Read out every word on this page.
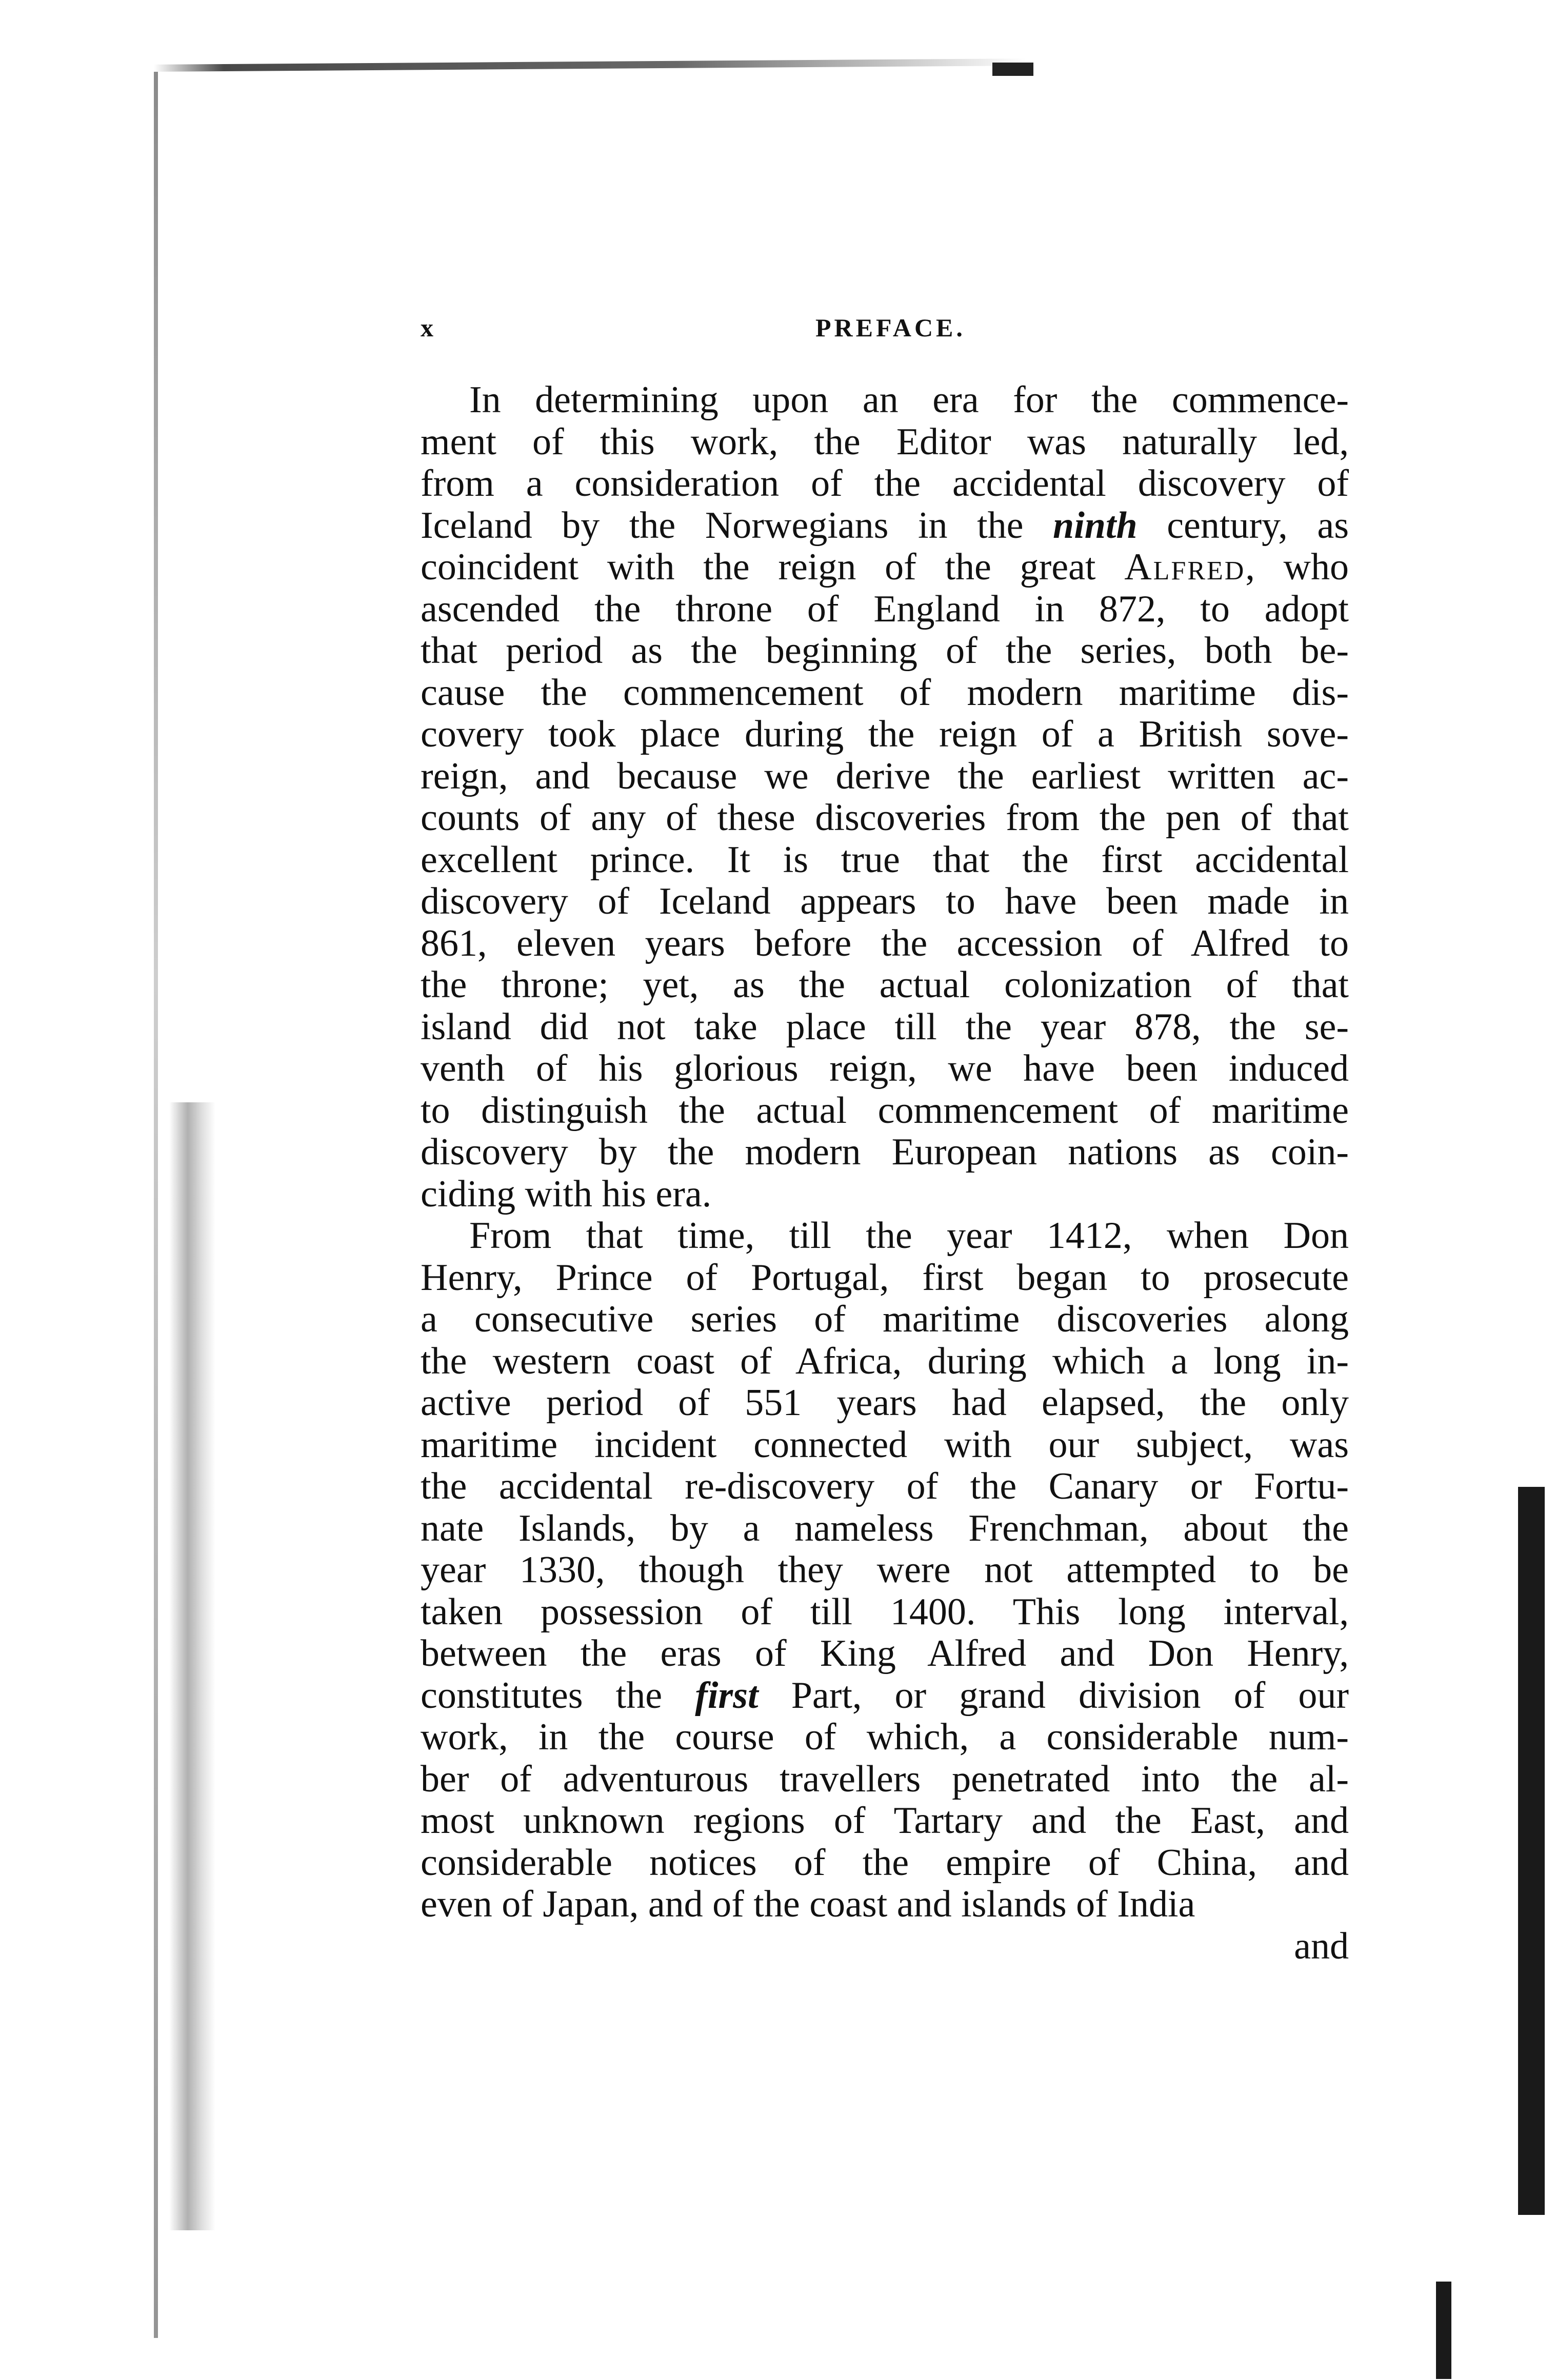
x	PREFACE.
In determining upon an era for the commence-
ment of this work, the Editor was naturally led,
from a consideration of the accidental discovery of
Iceland by the Norwegians in the ninth century, as
coincident with the reign of the great Alfred, who
ascended the throne of England in 872, to adopt
that period as the beginning of the series, both be-
cause the commencement of modern maritime dis-
covery took place during the reign of a British sove-
reign, and because we derive the earliest written ac-
counts of any of these discoveries from the pen of that
excellent prince. It is true that the first accidental
discovery of Iceland appears to have been made in
861, eleven years before the accession of Alfred to
the throne; yet, as the actual colonization of that
island did not take place till the year 878, the se-
venth of his glorious reign, we have been induced
to distinguish the actual commencement of maritime
discovery by the modern European nations as coin-
ciding with his era.
From that time, till the year 1412, when Don
Henry, Prince of Portugal, first began to prosecute
a consecutive series of maritime discoveries along
the western coast of Africa, during which a long in-
active period of 551 years had elapsed, the only
maritime incident connected with our subject, was
the accidental re-discovery of the Canary or Fortu-
nate Islands, by a nameless Frenchman, about the
year 1330, though they were not attempted to be
taken possession of till 1400. This long interval,
between the eras of King Alfred and Don Henry,
constitutes the first Part, or grand division of our
work, in the course of which, a considerable num-
ber of adventurous travellers penetrated into the al-
most unknown regions of Tartary and the East, and
considerable notices of the empire of China, and
even of Japan, and of the coast and islands of India
and
